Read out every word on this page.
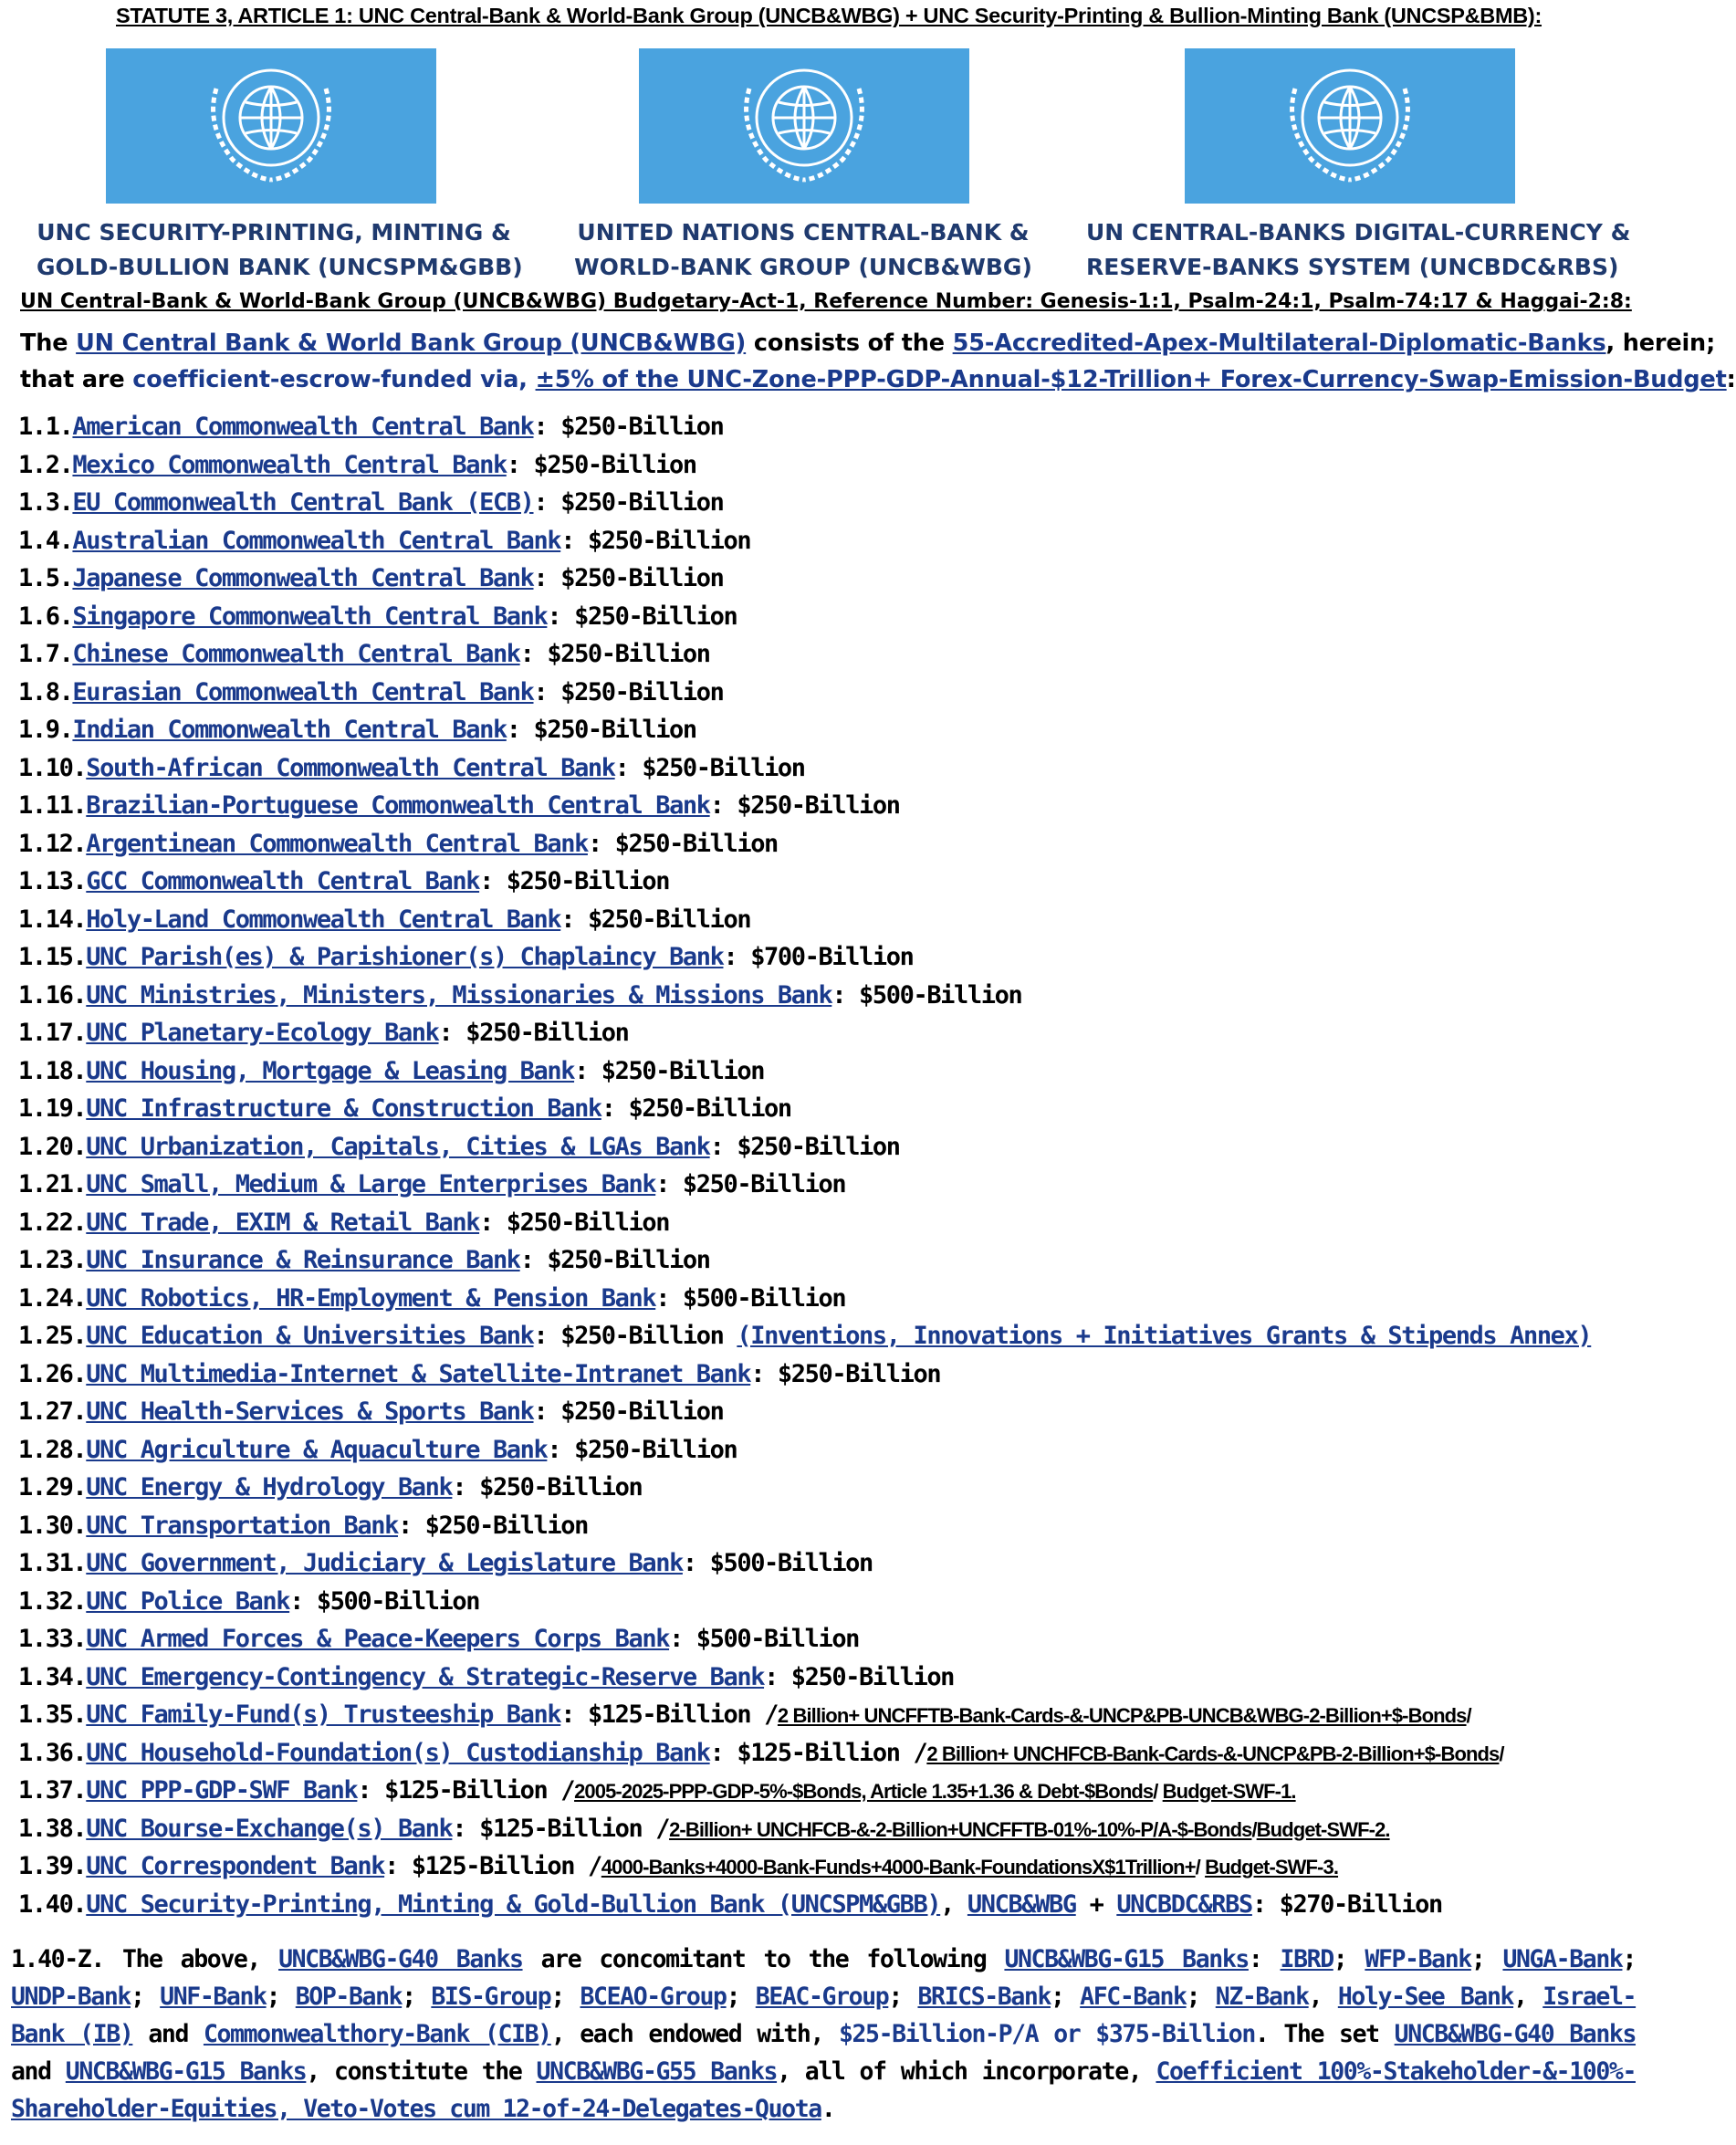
STATUTE 3, ARTICLE 1: UNC Central-Bank & World-Bank Group (UNCB&WBG) + UNC Security-Printing & Bullion-Minting Bank (UNCSP&BMB):
UNC SECURITY-PRINTING, MINTING &
GOLD-BULLION BANK (UNCSPM&GBB)
UNITED NATIONS CENTRAL-BANK &
WORLD-BANK GROUP (UNCB&WBG)
UN CENTRAL-BANKS DIGITAL-CURRENCY &
RESERVE-BANKS SYSTEM (UNCBDC&RBS)
UN Central-Bank & World-Bank Group (UNCB&WBG) Budgetary-Act-1, Reference Number: Genesis-1:1, Psalm-24:1, Psalm-74:17 & Haggai-2:8:
The UN Central Bank & World Bank Group (UNCB&WBG) consists of the 55-Accredited-Apex-Multilateral-Diplomatic-Banks, herein;
that are coefficient-escrow-funded via, ±5% of the UNC-Zone-PPP-GDP-Annual-$12-Trillion+ Forex-Currency-Swap-Emission-Budget:
1.1.American Commonwealth Central Bank: $250-Billion
1.2.Mexico Commonwealth Central Bank: $250-Billion
1.3.EU Commonwealth Central Bank (ECB): $250-Billion
1.4.Australian Commonwealth Central Bank: $250-Billion
1.5.Japanese Commonwealth Central Bank: $250-Billion
1.6.Singapore Commonwealth Central Bank: $250-Billion
1.7.Chinese Commonwealth Central Bank: $250-Billion
1.8.Eurasian Commonwealth Central Bank: $250-Billion
1.9.Indian Commonwealth Central Bank: $250-Billion
1.10.South-African Commonwealth Central Bank: $250-Billion
1.11.Brazilian-Portuguese Commonwealth Central Bank: $250-Billion
1.12.Argentinean Commonwealth Central Bank: $250-Billion
1.13.GCC Commonwealth Central Bank: $250-Billion
1.14.Holy-Land Commonwealth Central Bank: $250-Billion
1.15.UNC Parish(es) & Parishioner(s) Chaplaincy Bank: $700-Billion
1.16.UNC Ministries, Ministers, Missionaries & Missions Bank: $500-Billion
1.17.UNC Planetary-Ecology Bank: $250-Billion
1.18.UNC Housing, Mortgage & Leasing Bank: $250-Billion
1.19.UNC Infrastructure & Construction Bank: $250-Billion
1.20.UNC Urbanization, Capitals, Cities & LGAs Bank: $250-Billion
1.21.UNC Small, Medium & Large Enterprises Bank: $250-Billion
1.22.UNC Trade, EXIM & Retail Bank: $250-Billion
1.23.UNC Insurance & Reinsurance Bank: $250-Billion
1.24.UNC Robotics, HR-Employment & Pension Bank: $500-Billion
1.25.UNC Education & Universities Bank: $250-Billion (Inventions, Innovations + Initiatives Grants & Stipends Annex)
1.26.UNC Multimedia-Internet & Satellite-Intranet Bank: $250-Billion
1.27.UNC Health-Services & Sports Bank: $250-Billion
1.28.UNC Agriculture & Aquaculture Bank: $250-Billion
1.29.UNC Energy & Hydrology Bank: $250-Billion
1.30.UNC Transportation Bank: $250-Billion
1.31.UNC Government, Judiciary & Legislature Bank: $500-Billion
1.32.UNC Police Bank: $500-Billion
1.33.UNC Armed Forces & Peace-Keepers Corps Bank: $500-Billion
1.34.UNC Emergency-Contingency & Strategic-Reserve Bank: $250-Billion
1.35.UNC Family-Fund(s) Trusteeship Bank: $125-Billion /2 Billion+ UNCFFTB-Bank-Cards-&-UNCP&PB-UNCB&WBG-2-Billion+$-Bonds/
1.36.UNC Household-Foundation(s) Custodianship Bank: $125-Billion /2 Billion+ UNCHFCB-Bank-Cards-&-UNCP&PB-2-Billion+$-Bonds/
1.37.UNC PPP-GDP-SWF Bank: $125-Billion /2005-2025-PPP-GDP-5%-$Bonds, Article 1.35+1.36 & Debt-$Bonds/ Budget-SWF-1.
1.38.UNC Bourse-Exchange(s) Bank: $125-Billion /2-Billion+ UNCHFCB-&-2-Billion+UNCFFTB-01%-10%-P/A-$-Bonds/Budget-SWF-2.
1.39.UNC Correspondent Bank: $125-Billion /4000-Banks+4000-Bank-Funds+4000-Bank-FoundationsX$1Trillion+/ Budget-SWF-3.
1.40.UNC Security-Printing, Minting & Gold-Bullion Bank (UNCSPM&GBB), UNCB&WBG + UNCBDC&RBS: $270-Billion
1.40-Z. The above, UNCB&WBG-G40 Banks are concomitant to the following UNCB&WBG-G15 Banks: IBRD; WFP-Bank; UNGA-Bank; UNDP-Bank; UNF-Bank; BOP-Bank; BIS-Group; BCEAO-Group; BEAC-Group; BRICS-Bank; AFC-Bank; NZ-Bank, Holy-See Bank, Israel-Bank (IB) and Commonwealthory-Bank (CIB), each endowed with, $25-Billion-P/A or $375-Billion. The set UNCB&WBG-G40 Banks and UNCB&WBG-G15 Banks, constitute the UNCB&WBG-G55 Banks, all of which incorporate, Coefficient 100%-Stakeholder-&-100%-Shareholder-Equities, Veto-Votes cum 12-of-24-Delegates-Quota.
